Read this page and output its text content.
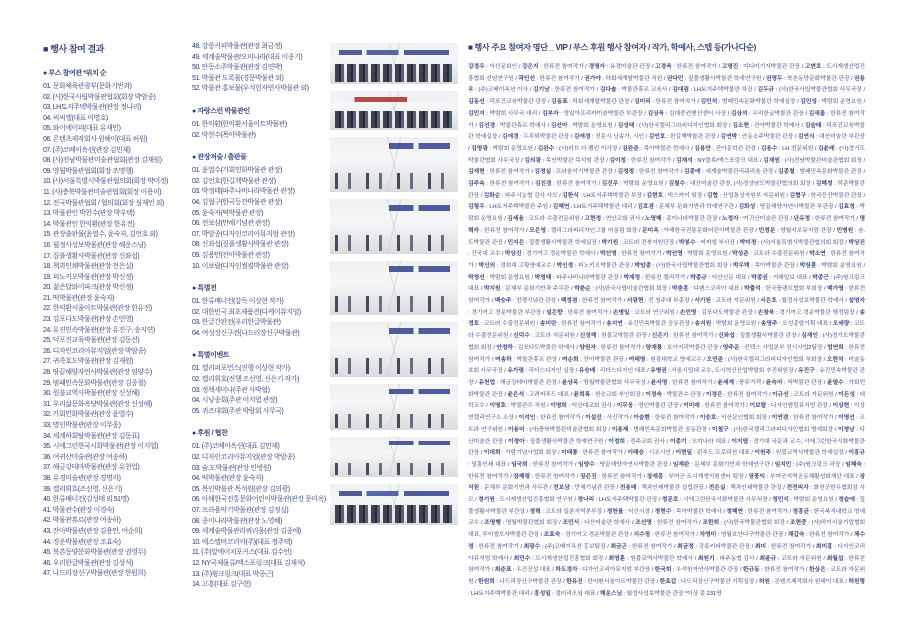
■ 행사 참여 결과
● 부스 참여관 *위치 순
01. 문화체육관광부(문화기반과)
02. (사)한국사립박물관협회(회장 박암종)
03. LH토지주택박물관(관장 정나리)
04. 씨씨엘(대표 이명호)
05. 와이에이피(대표 유재민)
06. 콘텐츠제작회사 원헤이(대표 허원)
07. (주)코베이옥션(관장 김민재)
08. (사)전남박물관미술관협회(관장 김재원)
09. 영월박물관협회(회장 조명행)
10. (사)서울특별시박물관협의회(회장 박미정)
11. (사)충북박물관미술관협회(회장 이용미)
12. 전국박물관협회 / 협의회(회장 심재인 외)
13. 박물관인 박찬수(관장 박우택)
14. 박물관인 한익환(관장 한유진)
15. 관장출판물(윤열수, 윤숙자, 김언호 외)
16. 월정사성보박물관(관장 해운스님)
17. 짚풀생활사박물관(관장 신좌섭)
18. 책과인쇄박물관(관장 전은실)
19. 피노키오박물관(관장 박신정)
20. 젊은달와이파크(관장 박신정)
21. 떡박물관(관장 윤숙자)
22. 한익환서울아트박물관(관장 한유진)
23. 김포다도박물관(관장 손민영)
24. 유진민속박물관(관장 유진구, 송지연)
25. 덕포진교육박물관(관장 김동선)
26. 디자인코리아뮤지엄(관장 박암종)
27. 귀족호도박물관(관장 김재원)
28. 땅끝해양자연사박물관(관장 임양수)
29. 범패민속문화박물관(관장 김종철)
30. 원불교역사박물관(관장 신성해)
31. 우리삶문화옥당박물관(관장 신성해)
32. 가회민화박물관(관장 윤열수)
33. 명인박물관(관장 이무웅)
34. 세계하회탈박물관(관장 김동표)
35. 시에그린한국시화박물관(관장 이지엽)
36. 여귀산미술관(관장 여송하)
37. 해금강테마박물관(관장 유천업)
38. 유경미술관(관장 경명자)
39. 캘리휘호(조선영, 신은기)
40. 한류배너전(김성태 외 51명)
41. 박물관수(관장 이경숙)
42. 박물관휴르(관장 여송하)
43. 잔아박물관(관장 김용만, 여순희)
44. 경운박물관(관장 조효숙)
45. 북촌동양문화박물관(관장 권영두)
46. 우리한글박물관(관장 김상석)
47. 나드리장신구박물관(관장 한원희)
48. 강릉커피박물관(관장 최금정)
49. 세계술박물관/오미나라(대표 이종기)
50. 안동소주박물관(관장 김연박)
51. 박물관 도록물(경문박물관 외)
52. 박물관 홍보물(우석헌자연사박물관 외)
● 자랑스런 박물관인
01. 한익환(한익환서울아트박물관)
02. 박찬수(목아박물관)
● 관장저술 / 출판물
01. 윤열수(가회민화박물관 관장)
02. 김언호(한길책박물관 관장)
03. 박정태(파주나비나라박물관 관장)
04. 김협구(한국등잔박물관 관장)
05. 윤숙자(떡박물관 관장)
06. 전보삼(만해기념관 관장)
07. 박암종(디자인코리아뮤지엄 관장)
08. 신좌섭(짚풀생활사박물관 관장)
09. 김용만(잔아박물관 관장)
10. 이보랄(디자인썸킴박물관 관장)
● 특별전
01. 한류배너전(감독 이상현 작가)
02. 대한민국 최초제품전(디케이뮤지엄)
03. 한글간판전(우리한글박물관)
04. 여성장신구전(나드리장신구박물관)
● 특별이벤트
01. 캘리퍼포먼스(진행 이상현 작가)
02. 캘리휘호(진행 조선영, 신은기 작가)
03. 정책세미나(주관 사박협)
04. 시낭송회(주관 이지엽 관장)
05. 퀴즈대회(주관 박람회 사무국)
● 후원 / 협찬
01. (주)코베이옥션(대표 김민재)
02. 디자인코리아뮤지엄(관장 박암종)
03. 슘.도박물관(관장 민병원)
04. 떡박물관(관장 윤숙자)
05. 목인박물관 목석원(관장 김의광)
06. 아해한국전통문화어린이박물관(관장 문미옥)
07. 프라움악기박물관(관장 김정실)
08. 종이나라박물관(관장 노영혜)
09. 세계술박물관리쿼리움(관장 김종애)
10. 에스엘비코리아(주)(대표 정주택)
11. (주)알에이치포커스(대표 김수언)
12. NY국제물류/엑스포링크(대표 김재석)
13. (주)윙크링크(대표 박종근)
14. 고흥(대표 김구현)
■ 행사 주요 참여자 명단 _ VIP / 부스 후원 행사 참여자 / 작가, 학예사, 스텝 등(가나다순)
강경우 : 익산문화인 / 강은지 : 한류전 참여작가 / 경명자 : 유경미술관 관장 / 고경욱 : 한류전 참여작가 / 고명진 : 미디어기자박물관 관장 / 고변호 : 도시재생산업진흥협회 선임연구원 / 곽민선 : 한류전 참여작가 / 권가야 : 하회세계탈박물관 직원 / 권다민 : 짚풀생활사박물관 학예연구원 / 권영두 : 북촌동양문화박물관 관장 / 권용우 : (주)코베이옥션 이사 / 김기남 : 한류전 참여작가 / 김다솔 : 박물관휴르 교육사 / 김대림 : LH토지주택박물관 차장 / 김두규 : (사)한국사립박물관협회 사무국장 / 김동선 : 덕포진교육박물관 관장 / 김동표 : 하회세계탈박물관 관장 / 김미리 : 한류전 참여작가 / 김민석 : 범패민속문화박물관 학예실장 / 김민성 : 박람회 운영요원 / 김민지 : 박람회 사무국 대리 / 김부자 : 영일아프리카미술박물관 부관장 / 김상욱 : 김대중컨벤션센터 사장 / 김상석 : 우리한글박물관 관장 / 김새롬 : 한류전 참여작가 / 김선경 : 박물관휴르 학예사 / 김선아 : 박람회 운영요원 / 김성태 : (사)한국캘리그라피디자인협회 회장 / 김소현 : 잔아박물관 학예사 / 김슬태 : 덕포진교육박물관 학예실장 / 김애경 : 두루뫼박물관 관장 / 김애경 : 전문시 낭송가, 시인 / 김언호 : 한길책박물관 관장 / 김연박 : 안동소주박물관 관장 / 김연식 : 대산미술관 부관장 / 김영광 : 박람회 운영요원 / 김완수 : (사)러브 더 펭귄 이사장 / 김완준 : 목아박물관 학예사 / 김용만 : 잔아문학관 관장 / 김용수 : LH 전문위원 / 김윤래 : (사)경기도박물관협회 사무국장 / 김의광 : 목인박물관 목석원 관장 / 김이정 : 한류전 참여작가 / 김재석 : NY물류/엑스포링크 대표 / 김재원 : (사)전남박물관미술관협회 회장 / 김재현 : 한류전 참여작가 / 김정실 : 프라움악기박물관 관장 / 김정정 : 한류전 참여작가 / 김종애 : 세계술박물관리쿼리움 관장 / 김종철 : 범패민속문화박물관 관장 / 김주속 : 한류전 참여작가 / 김진경 : 한류전 참여작가 / 김진우 : 박람회 운영요원 / 김철수 : 대산미술관 관장, (사)경상남도박물관협의회 회장 / 김혜정 : 허준박물관 관장 / 김화순 : 파주시농협 감사 사모 / 김한식 : LH토지주택박물관 부장 / 김현호 : 빅스카이 회장 / 김협 : 산업통상자원부 자문위원 / 김협구 : 한국등잔박물관 관장 / 김형우 : LH토지주택박물관 주임 / 김혜연 : LH토지주택박물관 대리 / 김호겸 : 문체부 문화기반과 학예연구관 / 김화성 : 땅끝해양자연사박물관 부관장 / 김효정 : 박람회 운영요원 / 김세용 : 코트라 수출전문위원 / 고현정 : 연안교회 권사 / 노영혜 : 종이나라박물관 관장 / 노정자 : 여귀산미술관 관장 / 단유정 : 한류전 참여작가 / 명혁자 : 한류전 참여작가 / 모은영 : 캘리그라피디자인그룹 어울림 회장 / 문미옥 : 아해한국전통문화어린이박물관 관장 / 민정문 : 영월지오뮤지엄 관장 / 민병원 : 슘.도박물관 관장 / 민지은 : 짚풀생활사박물관 학예실장 / 박기원 : 코트라 전북지원단장 / 박봉수 : 씨씨엘 부사장 / 박미정 : (사)서울특별시박물관협의회 회장 / 박상진 : 건국대 교수 / 박상진 : 경기여고 경운박물관 학예사 / 박선영 : 한류전 참여작가 / 박선영 : 박람회 운영요원 / 박성준 : 코트라 수출전문위원 / 박소연 : 한류전 참여작가 / 박신의 : 경희대 고황명예교수 / 박신정 : 피노키오박물관 관장 / 박암종 : (사)한국사립박물관협회 회장 / 박우택 : 목아박물관 관장 / 박장훈 : 박람회 운영요원 / 박정선 : 박람회 운영요원 / 박정태 : 파주나비나라박물관 관장 / 박재정 : 한류전 캘리작가 / 박종규 : 익산신문 대표 / 박종권 : 거래일보 대표 / 박종근 : (주)윙크링크 대표 / 박지원 : 문체부 문화기반과 주무관 / 박춘순 : (사)한국사립미술관협회 회장 / 박춘홍 : 디펜스코리아 대표 / 박출석 : 한국플랜트협회 부회장 / 백가영 : 한류전 참여작가 / 백승주 : 전쟁기념관 관장 / 백정겸 : 한류전 참여작가 / 서광현 : 전 청주대 부총장 / 서기원 : 코트라 자문위원 / 서은호 : 월정사성보박물관 학예사 / 설명자 : 경기여고 경운박물관 부관장 / 설은향 : 한류전 참여작가 / 손병일 : 코트라 연구위원 / 손민영 : 김포다도박물관 관장 / 손창욱 : 경기여고 경운박물관 행정팀장 / 송경호 : 코트라 수출전문위원 / 송미란 : 한류전 참여작가 / 송지연 : 유진민속박물관 공동관장 / 송지원 : 박람회 운영요원 / 송영주 : 오성종합기획 대표 / 오세량 : 코트라 수출전문위원 / 신덕수 : 코트라 자문위원 / 신성해 : 원불교박물관 관장 / 신은기 : 한류전 참여작가 / 신좌섭 : 짚풀생활사박물관 관장 / 심재인 : (사)경기도박물관협회 회장 / 안정하 : 김포다도박물관 학예사 / 양원자 : 한류전 참여작가 / 양재룡 : 호아지리박물관 관장 / 양주운 : 킨텍스 사업본부 전시사업2팀장 / 엄연희 : 한류전 참여작가 / 여송하 : 박물관휴르 관장 / 여순희 : 잔아박물관 관장 / 여태명 : 원광대학교 명예교수 / 오민준 : (사)한국캘리그라피디자인협회 부회장 / 오현석 : 미술동호회 사무국장 / 유가령 : 리더스디자인 실장 / 유승배 : 리더스디자인 대표 / 유병권 : 서울시립대 교수, 도시혁신산업박람회 추진위원장 / 유진구 : 유진민속박물관 관장 / 유천업 : 해금강테마박물관 관장 / 윤상옥 : 영월박물관협회 사무국장 / 윤서영 : 한류전 참여작가 / 윤세계 : 풍류가객 / 윤숙자 : 떡박물관 관장 / 윤열수 : 가회민화박물관 관장 / 윤은석 : 고려씨푸드 대표 / 윤희록 : 천승교회 부인회장 / 이경숙 : 박물관수 관장 / 이경은 : 한류전 참여작가 / 이규선 : 코트라 자문위원 / 이돈성 : 대학교수 / 이명호 : 박물관수 직원 / 이명희 : 익산대교회 권사 / 이무웅 : 명인박물관 관장 / 이미래 : 한류전 참여작가 / 이보랄 : 디자인썸킴뮤지엄 관장 / 이상현 : 이상현캘리연구소 소장 / 이석인 : 한류전 참여작가 / 이설진 : 사진작가 / 이슬환 : 한류전 참여작가 / 이승호 : 익산문인협회 회장 / 이연겸 : 한류전 참여작가 / 이영선 : 코트라 연구위원 / 이용미 : (사)충북박물관미술관협회 회장 / 이용제 : 범패민속문화박물관 공동관장 / 이철구 : (사)한국캘리그라피디자인협회 명예회장 / 이정남 : 다산미술관 관장 / 이정아 : 짚풀생활사박물관 학예연구원 / 이정희 : 전주교회 권사 / 이종기 : 오미나라 대표 / 이지엽 : 경기대 국문과 교수, 시에그린한국시화박물관 관장 / 이대희 : 가람기념사업회 회장 / 이태룡 : 한류전 참여작가 / 이태승 : 시조시인 / 이현일 : 펀푸드 프로덕션 대표 / 이원주 : 원불교역사박물관 학예실장 / 이홍규 : 일흥인쇄 대표 / 임국희 : 한류전 참여작가 / 임양수 : 땅끝해양자연사박물관 관장 / 임재완 : 문체부 문화기반과 학예연구관 / 임지민 : (주)윙크링크 과장 / 임혜숙 : 한류전 참여작가 / 장혜령 : 한류전 참여작가 / 장은진 : 한류전 참여작가 / 장재홍 : 부여군 도시재생지원센터 팀장 / 장풍익 : 부여군지역공동체활성화재단 대표 / 장지원 : 문체부 문화기반과 사무관 / 전보삼 : 만해기념관 관장 / 전용태 : 책과인쇄박물관 설립관장 / 전은실 : 책과인쇄박물관 관장 / 전전피자 : 화천군한우협회장 사모 / 정기원 : 도시재생산업진흥협회 연구원 / 정나리 : LH토지주택박물관 관장 / 정문호 : 시에그린한국시화박물관 사무처장 / 정민지 : 박람회 운영요원 / 정슬애 : 짚풀생활사박물관 부관장 / 정혁 : 코트라 일본지역본부장 / 정헌율 : 익산시장 / 정현수 : 목아박물관 학예사 / 정혜연 : 한류전 참여작가 / 정홍균 : 한국복지대학교 명예교수 / 조명행 : 영월박물관협회 회장 / 조민서 : 다산미술관 학예사 / 조선영 : 한류전 참여작가 / 조한희 : (사)한국박물관협회 회장 / 조현중 : (사)하이서울기업협회 대표, 루이엘모자박물관 관장 / 조효숙 : 경기여고 경운박물관 관장 / 지수정 : 한류전 참여작가 / 차영미 : 영월호안다구박물관 관장 / 채갑숙 : 한류전 참여작가 / 채수정 : 한류전 참여작가 / 최광수 : (주)코베이옥션 홍보팀장 / 최금곤 : 한류전 참여작가 / 최금정 : 강릉커피박물관 관장 / 최미 : 한류전 참여작가 / 최미홍 : 디자인코리아뮤지엄 학예사 / 최민수 : 도시재생산업진흥협회 회장 / 최영훈 : 원불교역사박물관 학예사 / 최원기 : 파주농협 감사 / 최윤규 : 코트라 자문위원 / 최월섭 : 한류전 참여작가 / 최준표 : 우진건설 대표 / 하도경자 : 디자인코리아뮤지엄 부관장 / 한국희 : 우석헌자연사박물관 관장 / 한규동 : 한류전 참여작가 / 한상은 : 코트라 자문위원 / 한원희 : 나드리장신구박물관 관장 / 한유진 : 한익환서울아트박물관 관장 / 한효갑 : 나드리장신구박물관 기획실장 / 허원 : 콘텐츠제작회사 원헤이 대표 / 허원형 : LH토지주택박물관 대리 / 홍성일 : 갤러리오임 대표 / 해운스님 : 월정사성보박물관 관장 *이상 총 231명
